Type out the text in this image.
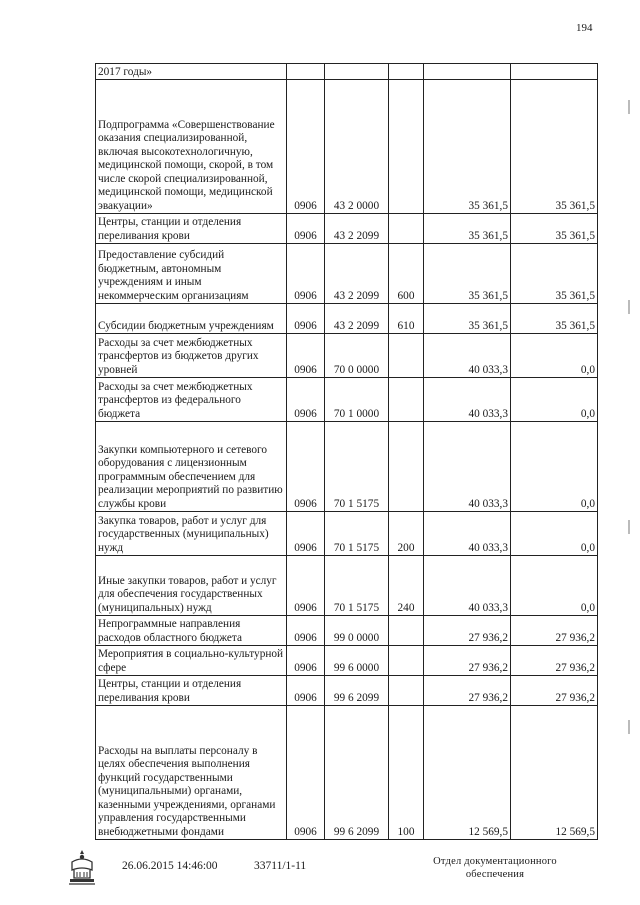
194
2017 годы»					
Подпрограмма «Совершенствование оказания специализированной, включая высокотехнологичную, медицинской помощи, скорой, в том числе скорой специализированной, медицинской помощи, медицинской эвакуации»	0906	43 2 0000		35 361,5	35 361,5
Центры, станции и отделения переливания крови	0906	43 2 2099		35 361,5	35 361,5
Предоставление субсидий бюджетным, автономным учреждениям и иным некоммерческим организациям	0906	43 2 2099	600	35 361,5	35 361,5
Субсидии бюджетным учреждениям	0906	43 2 2099	610	35 361,5	35 361,5
Расходы за счет межбюджетных трансфертов из бюджетов других уровней	0906	70 0 0000		40 033,3	0,0
Расходы за счет межбюджетных трансфертов из федерального бюджета	0906	70 1 0000		40 033,3	0,0
Закупки компьютерного и сетевого оборудования с лицензионным программным обеспечением для реализации мероприятий по развитию службы крови	0906	70 1 5175		40 033,3	0,0
Закупка товаров, работ и услуг для государственных (муниципальных) нужд	0906	70 1 5175	200	40 033,3	0,0
Иные закупки товаров, работ и услуг для обеспечения государственных (муниципальных) нужд	0906	70 1 5175	240	40 033,3	0,0
Непрограммные направления расходов областного бюджета	0906	99 0 0000		27 936,2	27 936,2
Мероприятия в социально-культурной сфере	0906	99 6 0000		27 936,2	27 936,2
Центры, станции и отделения переливания крови	0906	99 6 2099		27 936,2	27 936,2
Расходы на выплаты персоналу в целях обеспечения выполнения функций государственными (муниципальными) органами, казенными учреждениями, органами управления государственными внебюджетными фондами	0906	99 6 2099	100	12 569,5	12 569,5
26.06.2015 14:46:00	33711/1-11	Отдел документационного обеспечения
